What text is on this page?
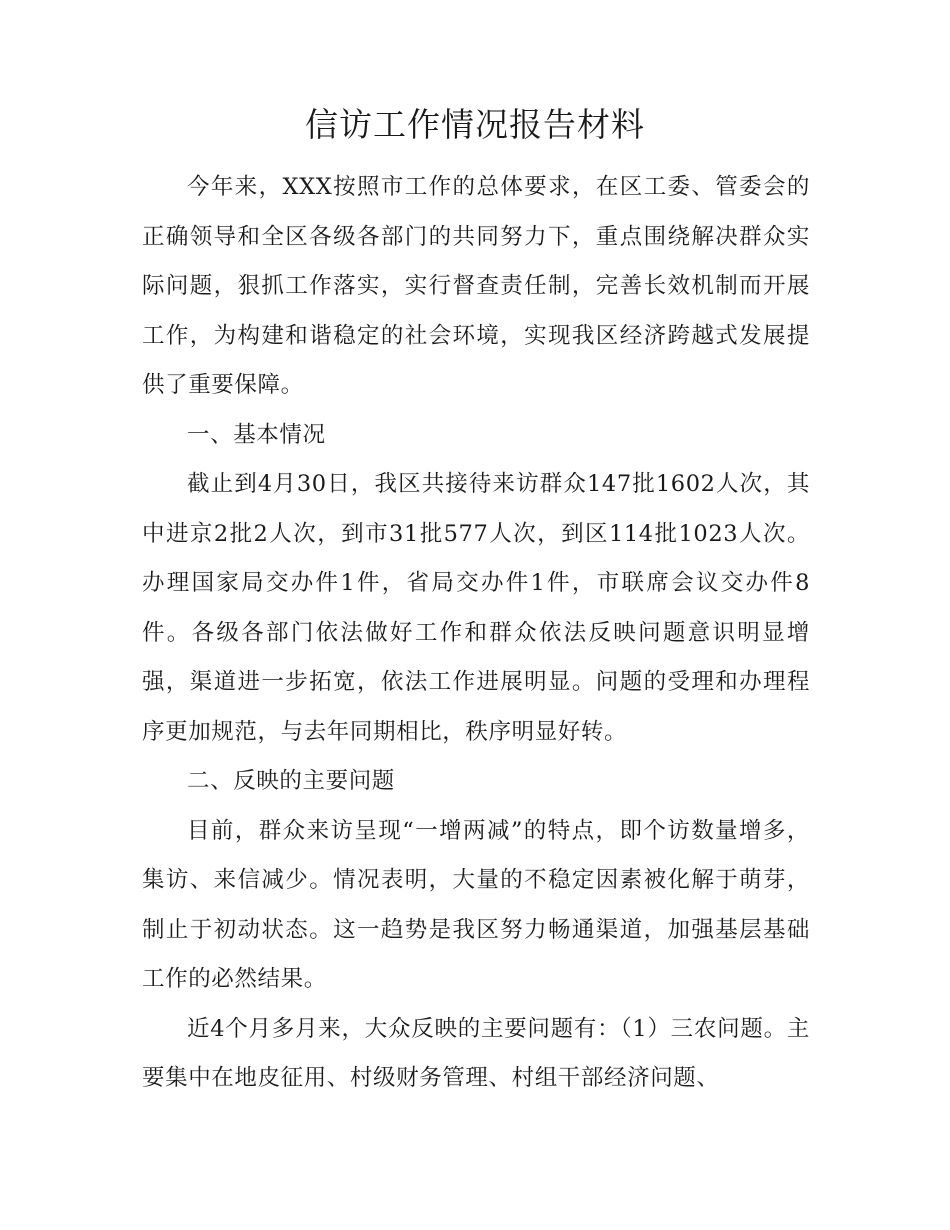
信访工作情况报告材料

今年来，XXX按照市工作的总体要求，在区工委、管委会的正确领导和全区各级各部门的共同努力下，重点围绕解决群众实际问题，狠抓工作落实，实行督查责任制，完善长效机制而开展工作，为构建和谐稳定的社会环境，实现我区经济跨越式发展提供了重要保障。

一、基本情况

截止到4月30日，我区共接待来访群众147批1602人次，其中进京2批2人次，到市31批577人次，到区114批1023人次。办理国家局交办件1件，省局交办件1件，市联席会议交办件8件。各级各部门依法做好工作和群众依法反映问题意识明显增强，渠道进一步拓宽，依法工作进展明显。问题的受理和办理程序更加规范，与去年同期相比，秩序明显好转。

二、反映的主要问题

目前，群众来访呈现“一增两减”的特点，即个访数量增多，集访、来信减少。情况表明，大量的不稳定因素被化解于萌芽，制止于初动状态。这一趋势是我区努力畅通渠道，加强基层基础工作的必然结果。

近4个月多月来，大众反映的主要问题有：（1）三农问题。主要集中在地皮征用、村级财务管理、村组干部经济问题、
